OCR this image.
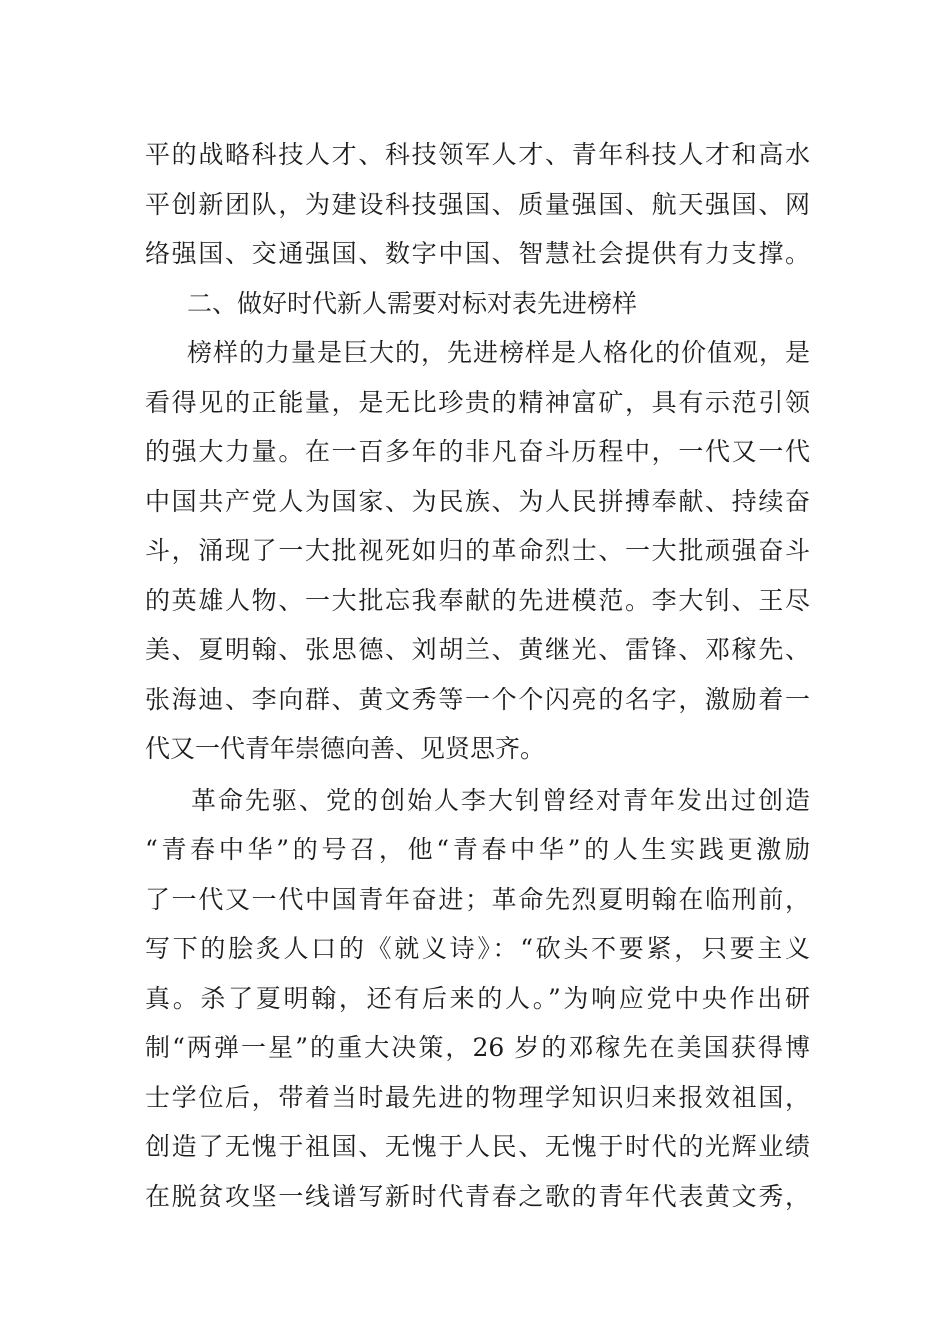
平的战略科技人才、科技领军人才、青年科技人才和高水
平创新团队，为建设科技强国、质量强国、航天强国、网
络强国、交通强国、数字中国、智慧社会提供有力支撑。
二、做好时代新人需要对标对表先进榜样
榜样的力量是巨大的，先进榜样是人格化的价值观，是
看得见的正能量，是无比珍贵的精神富矿，具有示范引领
的强大力量。在一百多年的非凡奋斗历程中，一代又一代
中国共产党人为国家、为民族、为人民拼搏奉献、持续奋
斗，涌现了一大批视死如归的革命烈士、一大批顽强奋斗
的英雄人物、一大批忘我奉献的先进模范。李大钊、王尽
美、夏明翰、张思德、刘胡兰、黄继光、雷锋、邓稼先、
张海迪、李向群、黄文秀等一个个闪亮的名字，激励着一
代又一代青年崇德向善、见贤思齐。
革命先驱、党的创始人李大钊曾经对青年发出过创造
“青春中华”的号召，他“青春中华”的人生实践更激励
了一代又一代中国青年奋进；革命先烈夏明翰在临刑前，
写下的脍炙人口的《就义诗》：“砍头不要紧，只要主义
真。杀了夏明翰，还有后来的人。”为响应党中央作出研
制“两弹一星”的重大决策，26 岁的邓稼先在美国获得博
士学位后，带着当时最先进的物理学知识归来报效祖国，
创造了无愧于祖国、无愧于人民、无愧于时代的光辉业绩
在脱贫攻坚一线谱写新时代青春之歌的青年代表黄文秀，
